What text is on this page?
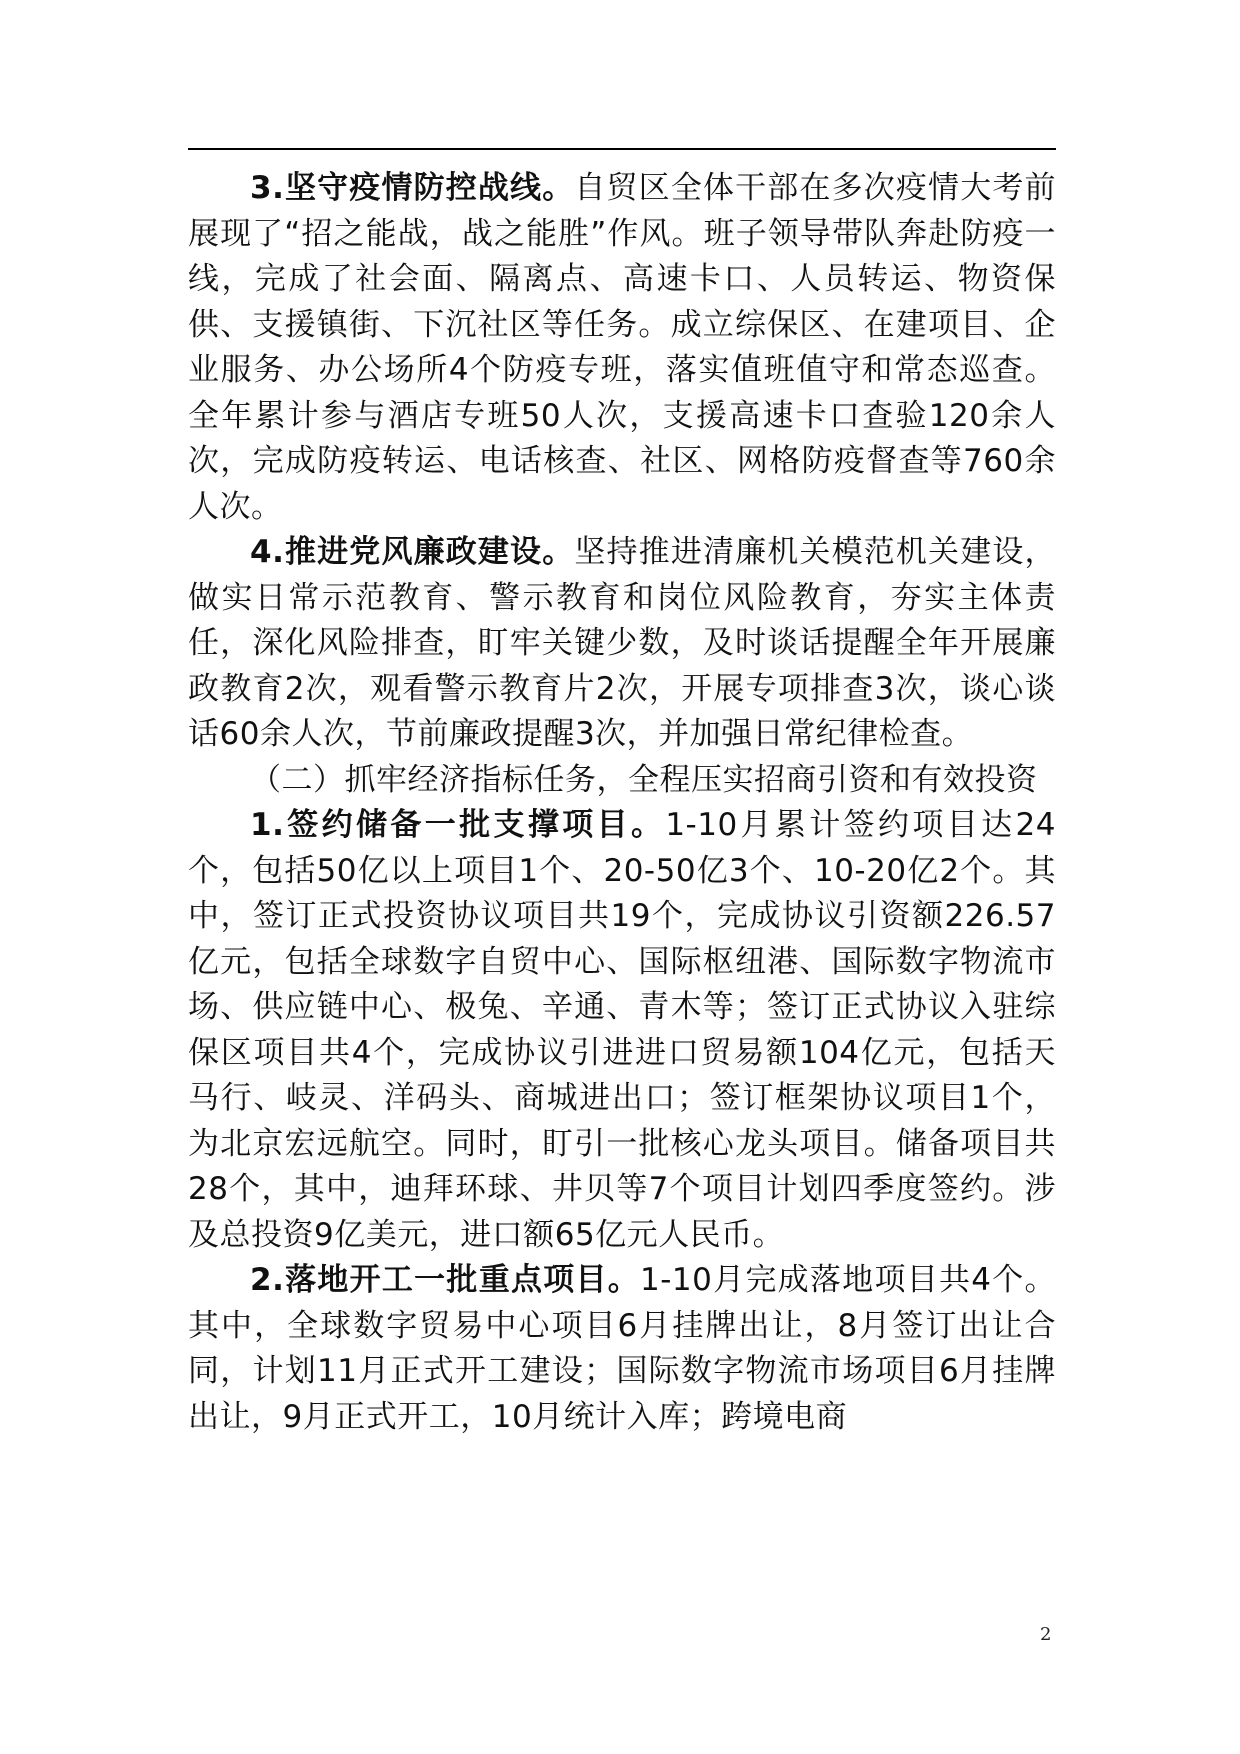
3.坚守疫情防控战线。自贸区全体干部在多次疫情大考前展现了“招之能战，战之能胜”作风。班子领导带队奔赴防疫一线，完成了社会面、隔离点、高速卡口、人员转运、物资保供、支援镇街、下沉社区等任务。成立综保区、在建项目、企业服务、办公场所4个防疫专班，落实值班值守和常态巡查。全年累计参与酒店专班50人次，支援高速卡口查验120余人次，完成防疫转运、电话核查、社区、网格防疫督查等760余人次。

4.推进党风廉政建设。坚持推进清廉机关模范机关建设，做实日常示范教育、警示教育和岗位风险教育，夯实主体责任，深化风险排查，盯牢关键少数，及时谈话提醒全年开展廉政教育2次，观看警示教育片2次，开展专项排查3次，谈心谈话60余人次，节前廉政提醒3次，并加强日常纪律检查。

（二）抓牢经济指标任务，全程压实招商引资和有效投资

1.签约储备一批支撑项目。1-10月累计签约项目达24个，包括50亿以上项目1个、20-50亿3个、10-20亿2个。其中，签订正式投资协议项目共19个，完成协议引资额226.57亿元，包括全球数字自贸中心、国际枢纽港、国际数字物流市场、供应链中心、极兔、辛通、青木等；签订正式协议入驻综保区项目共4个，完成协议引进进口贸易额104亿元，包括天马行、岐灵、洋码头、商城进出口；签订框架协议项目1个，为北京宏远航空。同时，盯引一批核心龙头项目。储备项目共28个，其中，迪拜环球、井贝等7个项目计划四季度签约。涉及总投资9亿美元，进口额65亿元人民币。

2.落地开工一批重点项目。1-10月完成落地项目共4个。其中，全球数字贸易中心项目6月挂牌出让，8月签订出让合同，计划11月正式开工建设；国际数字物流市场项目6月挂牌出让，9月正式开工，10月统计入库；跨境电商

2
